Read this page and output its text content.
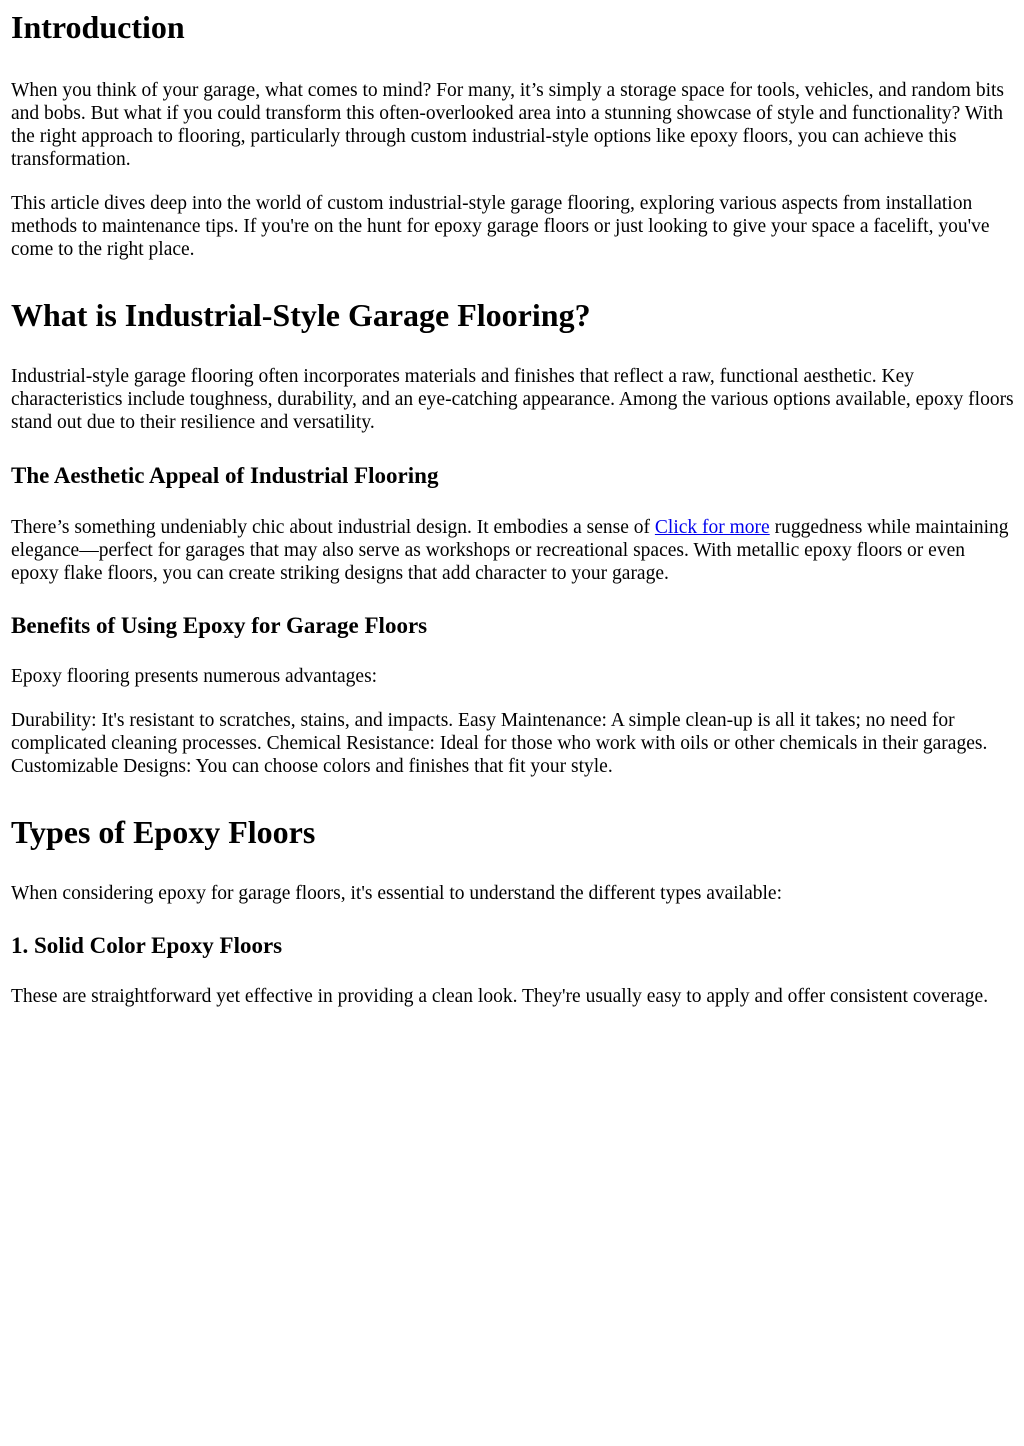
Introduction

When you think of your garage, what comes to mind? For many, it’s simply a storage space for tools, vehicles, and random bits and bobs. But what if you could transform this often-overlooked area into a stunning showcase of style and functionality? With the right approach to flooring, particularly through custom industrial-style options like epoxy floors, you can achieve this transformation.

This article dives deep into the world of custom industrial-style garage flooring, exploring various aspects from installation methods to maintenance tips. If you're on the hunt for epoxy garage floors or just looking to give your space a facelift, you've come to the right place.

What is Industrial-Style Garage Flooring?

Industrial-style garage flooring often incorporates materials and finishes that reflect a raw, functional aesthetic. Key characteristics include toughness, durability, and an eye-catching appearance. Among the various options available, epoxy floors stand out due to their resilience and versatility.

The Aesthetic Appeal of Industrial Flooring

There’s something undeniably chic about industrial design. It embodies a sense of Click for more ruggedness while maintaining elegance—perfect for garages that may also serve as workshops or recreational spaces. With metallic epoxy floors or even epoxy flake floors, you can create striking designs that add character to your garage.

Benefits of Using Epoxy for Garage Floors

Epoxy flooring presents numerous advantages:

Durability: It's resistant to scratches, stains, and impacts. Easy Maintenance: A simple clean-up is all it takes; no need for complicated cleaning processes. Chemical Resistance: Ideal for those who work with oils or other chemicals in their garages. Customizable Designs: You can choose colors and finishes that fit your style.

Types of Epoxy Floors

When considering epoxy for garage floors, it's essential to understand the different types available:

1. Solid Color Epoxy Floors

These are straightforward yet effective in providing a clean look. They're usually easy to apply and offer consistent coverage.
